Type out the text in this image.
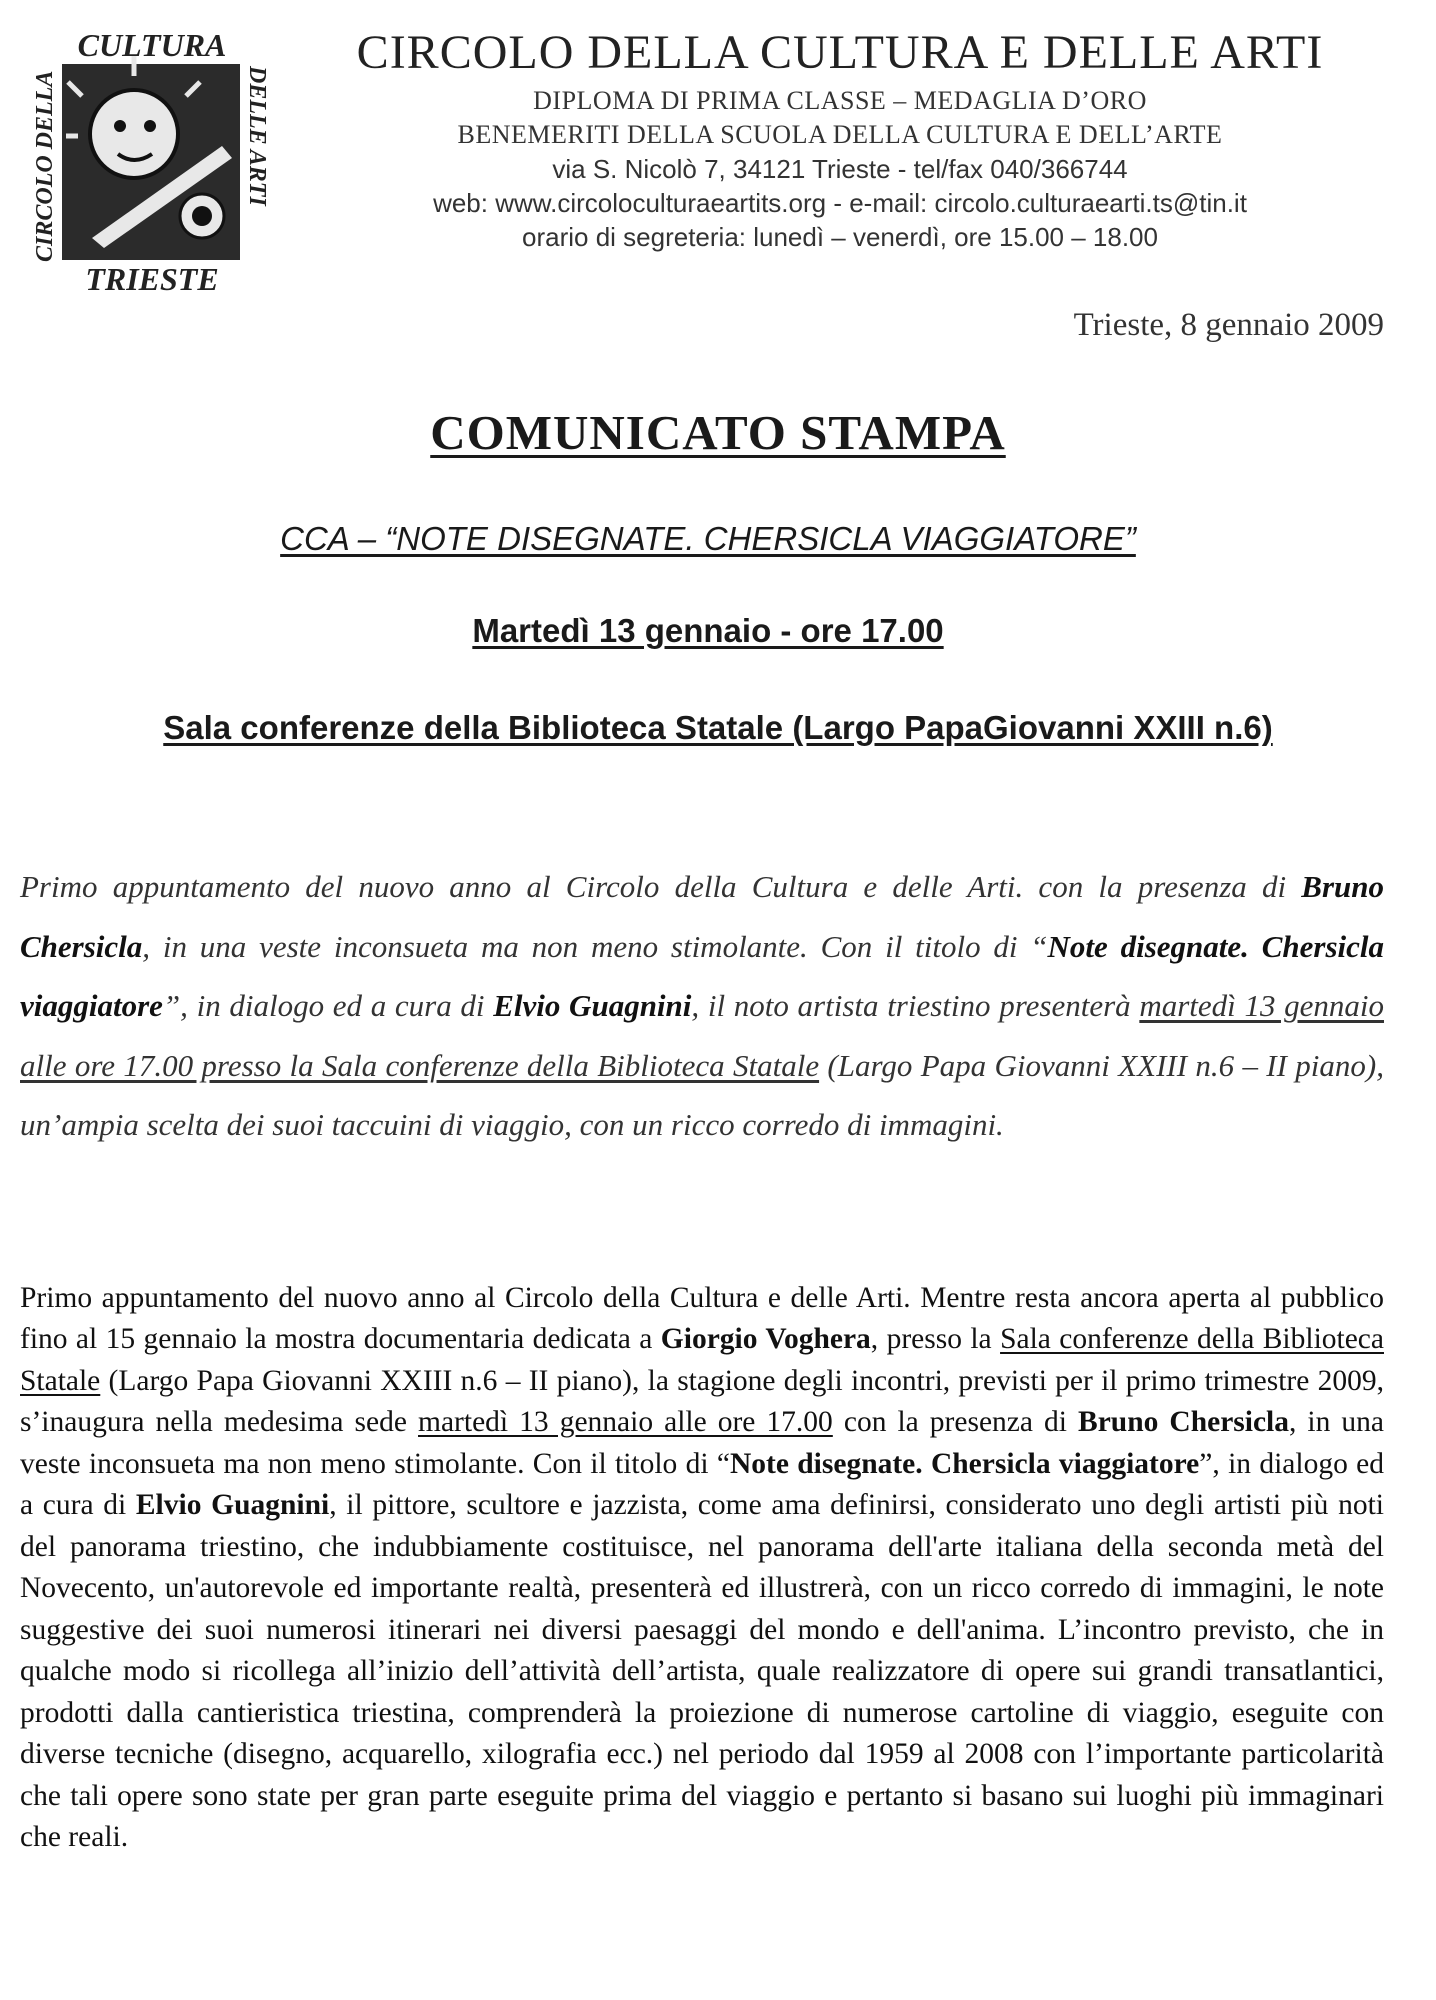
CULTURA
TRIESTE
CIRCOLO DELLA	DELLE ARTI
CIRCOLO DELLA CULTURA E DELLE ARTI
DIPLOMA DI PRIMA CLASSE – MEDAGLIA D’ORO
BENEMERITI DELLA SCUOLA DELLA CULTURA E DELL’ARTE
via S. Nicolò 7, 34121 Trieste - tel/fax 040/366744
web: www.circoloculturaeartits.org - e-mail: circolo.culturaearti.ts@tin.it
orario di segreteria: lunedì – venerdì, ore 15.00 – 18.00
Trieste, 8 gennaio 2009
COMUNICATO STAMPA
CCA – “NOTE DISEGNATE. CHERSICLA VIAGGIATORE”
Martedì 13 gennaio - ore 17.00
Sala conferenze della Biblioteca Statale (Largo PapaGiovanni XXIII n.6)

Primo appuntamento del nuovo anno al Circolo della Cultura e delle Arti. con la presenza di Bruno Chersicla, in una veste inconsueta ma non meno stimolante. Con il titolo di “Note disegnate. Chersicla viaggiatore”, in dialogo ed a cura di Elvio Guagnini, il noto artista triestino presenterà martedì 13 gennaio alle ore 17.00 presso la Sala conferenze della Biblioteca Statale (Largo Papa Giovanni XXIII n.6 – II piano), un’ampia scelta dei suoi taccuini di viaggio, con un ricco corredo di immagini.

Primo appuntamento del nuovo anno al Circolo della Cultura e delle Arti. Mentre resta ancora aperta al pubblico fino al 15 gennaio la mostra documentaria dedicata a Giorgio Voghera, presso la Sala conferenze della Biblioteca Statale (Largo Papa Giovanni XXIII n.6 – II piano), la stagione degli incontri, previsti per il primo trimestre 2009, s’inaugura nella medesima sede martedì 13 gennaio alle ore 17.00 con la presenza di Bruno Chersicla, in una veste inconsueta ma non meno stimolante. Con il titolo di “Note disegnate. Chersicla viaggiatore”, in dialogo ed a cura di Elvio Guagnini, il pittore, scultore e jazzista, come ama definirsi, considerato uno degli artisti più noti del panorama triestino, che indubbiamente costituisce, nel panorama dell'arte italiana della seconda metà del Novecento, un'autorevole ed importante realtà, presenterà ed illustrerà, con un ricco corredo di immagini, le note suggestive dei suoi numerosi itinerari nei diversi paesaggi del mondo e dell'anima. L’incontro previsto, che in qualche modo si ricollega all’inizio dell’attività dell’artista, quale realizzatore di opere sui grandi transatlantici, prodotti dalla cantieristica triestina, comprenderà la proiezione di numerose cartoline di viaggio, eseguite con diverse tecniche (disegno, acquarello, xilografia ecc.) nel periodo dal 1959 al 2008 con l’importante particolarità che tali opere sono state per gran parte eseguite prima del viaggio e pertanto si basano sui luoghi più immaginari che reali.
